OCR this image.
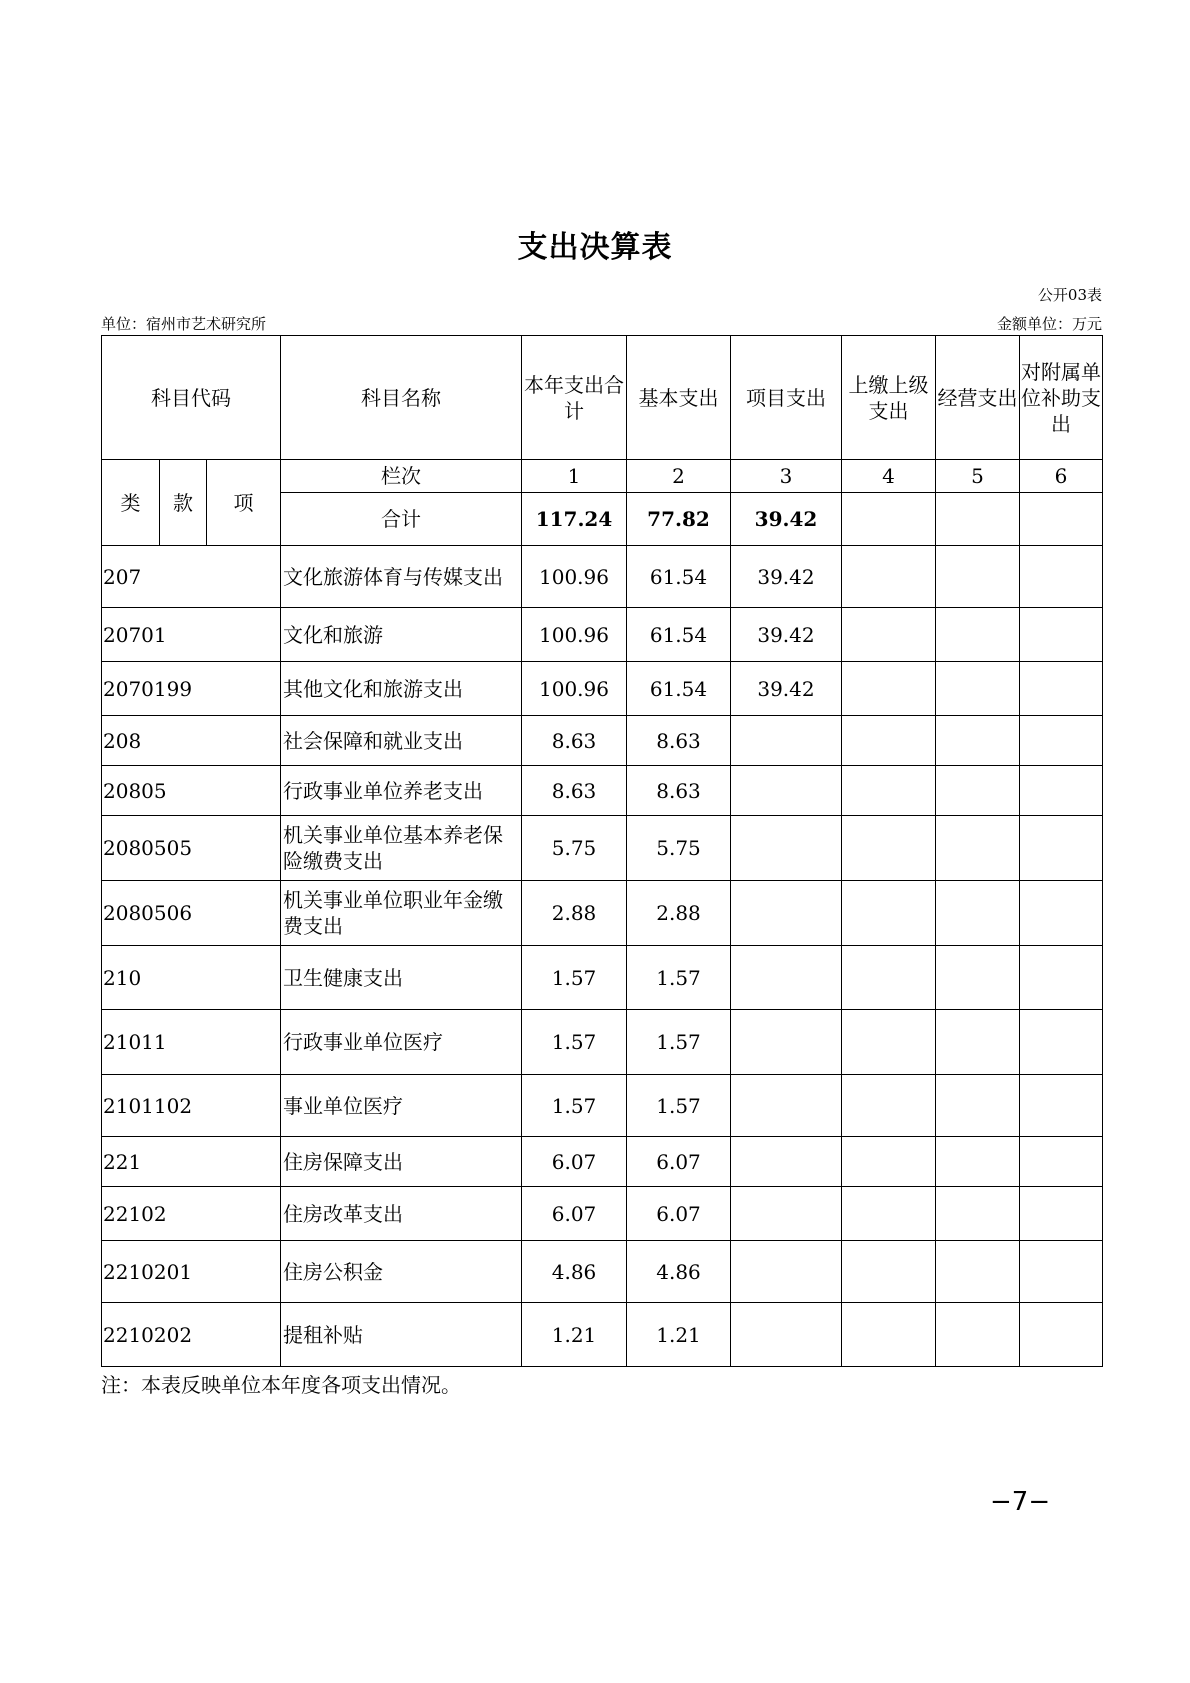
支出决算表
公开03表
单位：宿州市艺术研究所	金额单位：万元
科目代码			科目名称	本年支出合计	基本支出	项目支出	上缴上级支出	经营支出	对附属单位补助支出
类	款	项	栏次	1	2	3	4	5	6
			合计	117.24	77.82	39.42			
207			文化旅游体育与传媒支出	100.96	61.54	39.42			
20701			文化和旅游	100.96	61.54	39.42			
2070199			其他文化和旅游支出	100.96	61.54	39.42			
208			社会保障和就业支出	8.63	8.63				
20805			行政事业单位养老支出	8.63	8.63				
2080505			机关事业单位基本养老保险缴费支出	5.75	5.75				
2080506			机关事业单位职业年金缴费支出	2.88	2.88				
210			卫生健康支出	1.57	1.57				
21011			行政事业单位医疗	1.57	1.57				
2101102			事业单位医疗	1.57	1.57				
221			住房保障支出	6.07	6.07				
22102			住房改革支出	6.07	6.07				
2210201			住房公积金	4.86	4.86				
2210202			提租补贴	1.21	1.21				
注：本表反映单位本年度各项支出情况。
−7−
